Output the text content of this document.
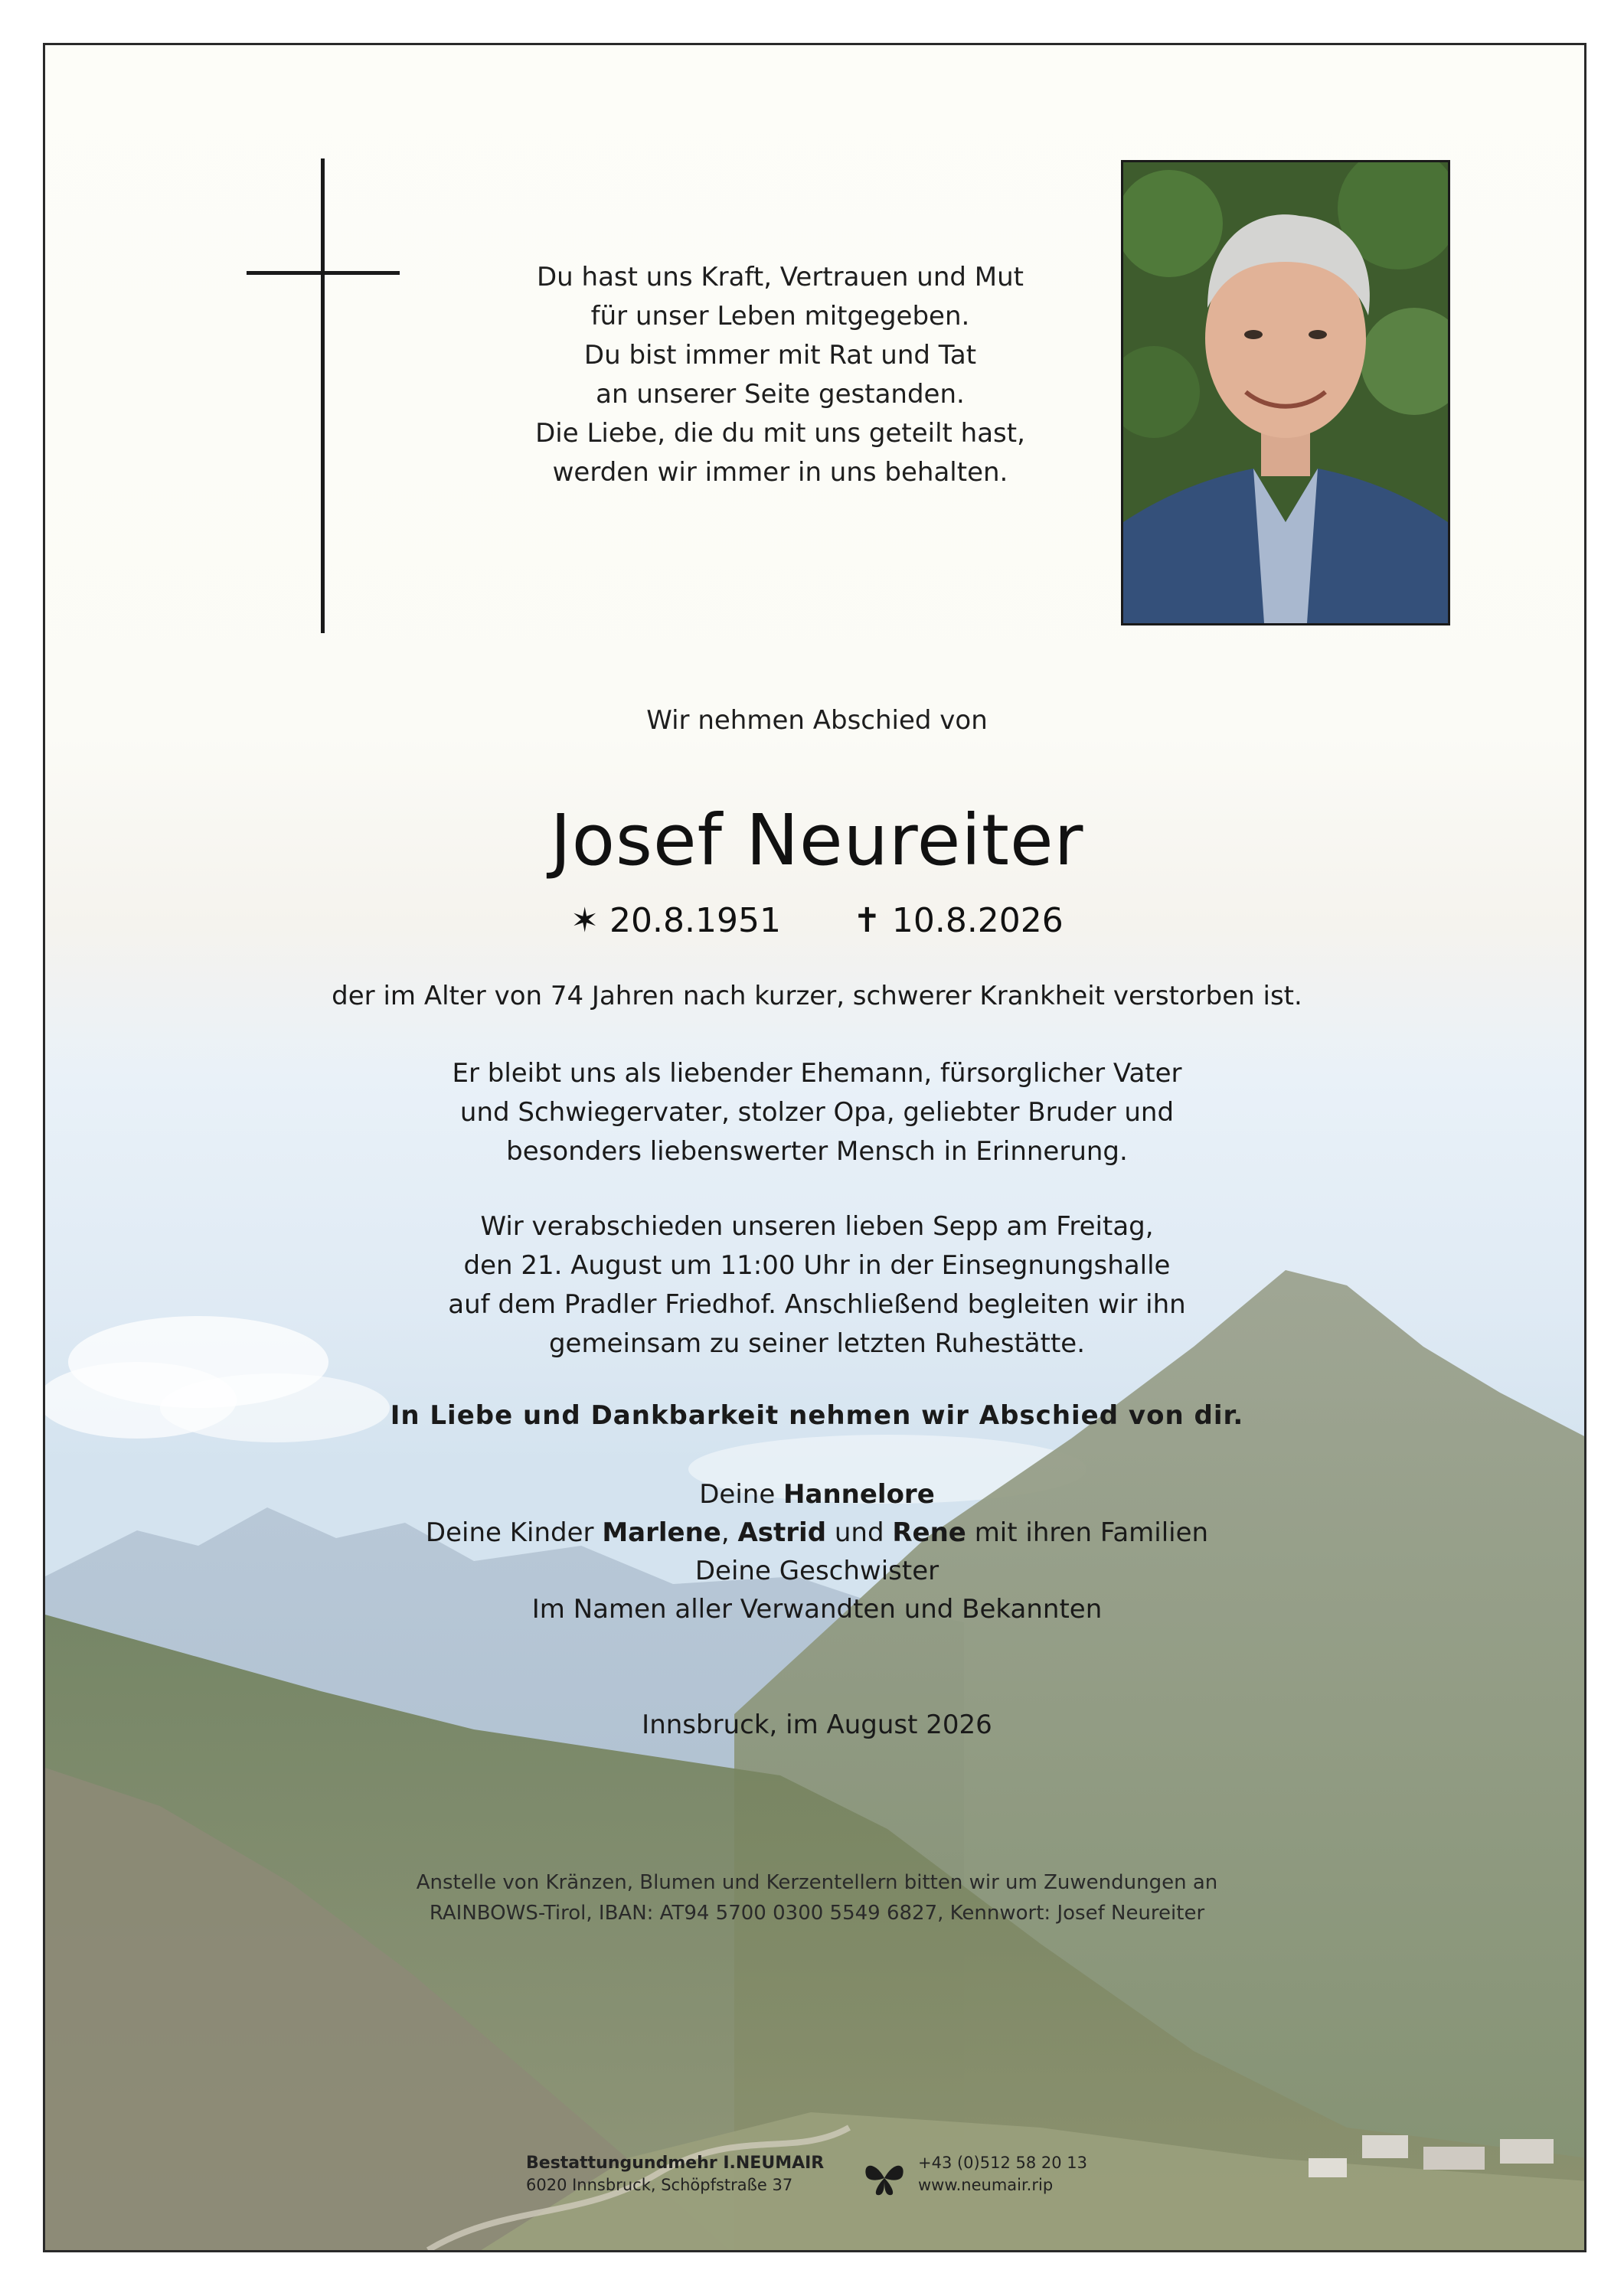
Du hast uns Kraft, Vertrauen und Mut
für unser Leben mitgegeben.
Du bist immer mit Rat und Tat
an unserer Seite gestanden.
Die Liebe, die du mit uns geteilt hast,
werden wir immer in uns behalten.
Wir nehmen Abschied von
Josef Neureiter
✶ 20.8.1951 ✝ 10.8.2026
der im Alter von 74 Jahren nach kurzer, schwerer Krankheit verstorben ist.
Er bleibt uns als liebender Ehemann, fürsorglicher Vater
und Schwiegervater, stolzer Opa, geliebter Bruder und
besonders liebenswerter Mensch in Erinnerung.
Wir verabschieden unseren lieben Sepp am Freitag,
den 21. August um 11:00 Uhr in der Einsegnungshalle
auf dem Pradler Friedhof. Anschließend begleiten wir ihn
gemeinsam zu seiner letzten Ruhestätte.
In Liebe und Dankbarkeit nehmen wir Abschied von dir.
Deine Hannelore
Deine Kinder Marlene, Astrid und Rene mit ihren Familien
Deine Geschwister
Im Namen aller Verwandten und Bekannten
Innsbruck, im August 2026
Anstelle von Kränzen, Blumen und Kerzentellern bitten wir um Zuwendungen an
RAINBOWS-Tirol, IBAN: AT94 5700 0300 5549 6827, Kennwort: Josef Neureiter
Bestattungundmehr I.NEUMAIR
6020 Innsbruck, Schöpfstraße 37
+43 (0)512 58 20 13
www.neumair.rip
